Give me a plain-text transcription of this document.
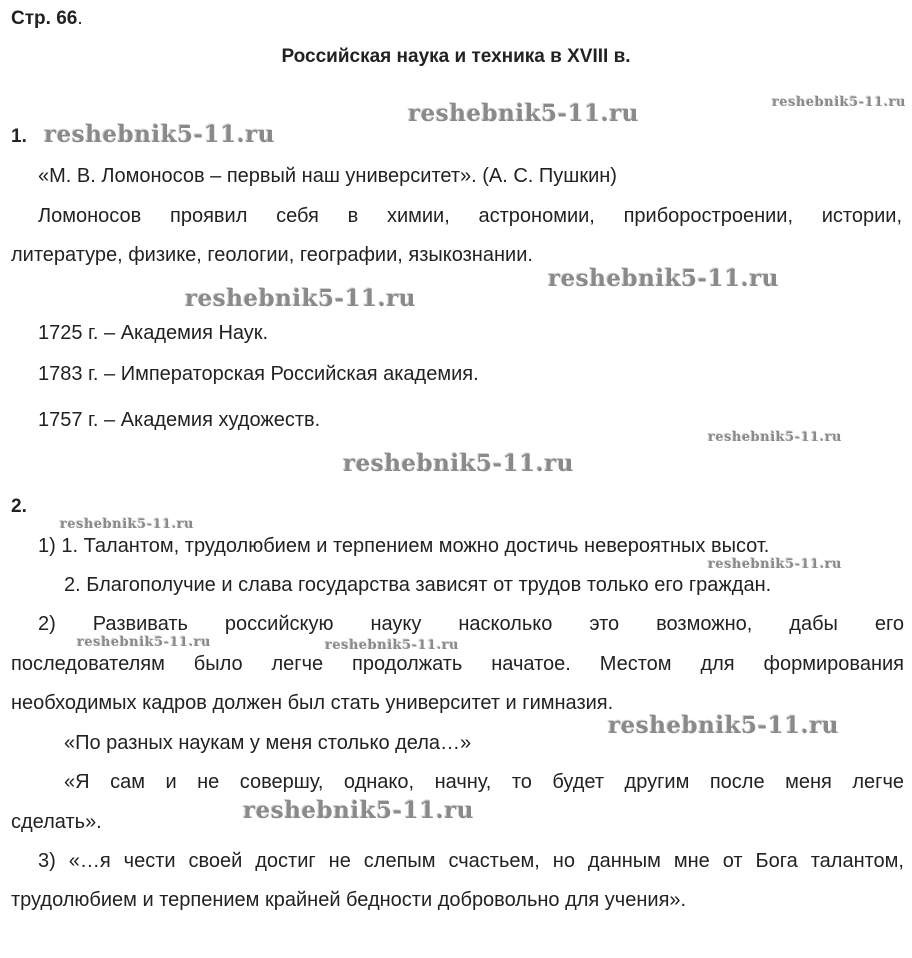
Стр. 66.
Российская наука и техника в XVIII в.
1.
«М. В. Ломоносов – первый наш университет». (А. С. Пушкин)
Ломоносов проявил себя в химии, астрономии, приборостроении, истории,
литературе, физике, геологии, географии, языкознании.
1725 г. – Академия Наук.
1783 г. – Императорская Российская академия.
1757 г. – Академия художеств.
2.
1) 1. Талантом, трудолюбием и терпением можно достичь невероятных высот.
2. Благополучие и слава государства зависят от трудов только его граждан.
2) Развивать российскую науку насколько это возможно, дабы его
последователям было легче продолжать начатое. Местом для формирования
необходимых кадров должен был стать университет и гимназия.
«По разных наукам у меня столько дела…»
«Я сам и не совершу, однако, начну, то будет другим после меня легче
сделать».
3) «…я чести своей достиг не слепым счастьем, но данным мне от Бога талантом,
трудолюбием и терпением крайней бедности добровольно для учения».
reshebnik5-11.ru	reshebnik5-11.ru
reshebnik5-11.ru
reshebnik5-11.ru
reshebnik5-11.ru
reshebnik5-11.ru
reshebnik5-11.ru
reshebnik5-11.ru
reshebnik5-11.ru
reshebnik5-11.ru	reshebnik5-11.ru
reshebnik5-11.ru
reshebnik5-11.ru
